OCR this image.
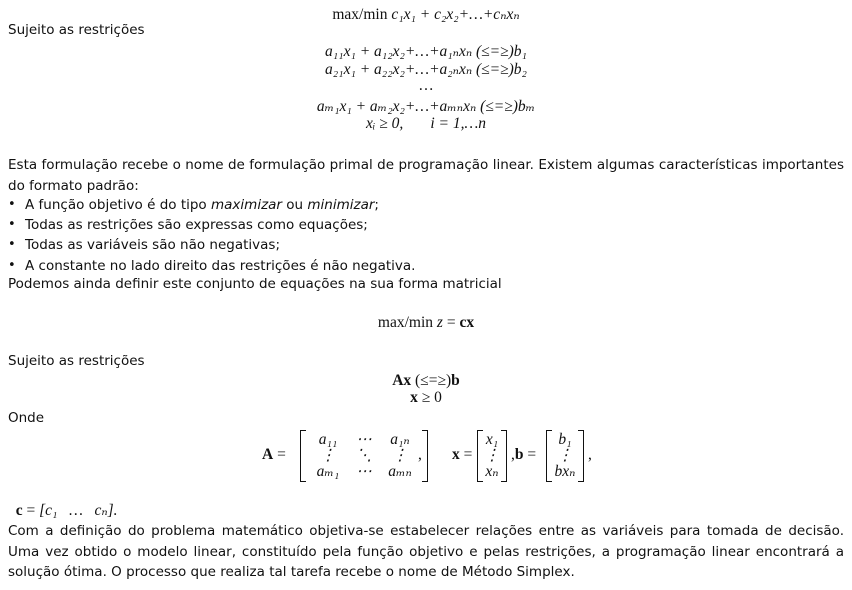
max/min c₁x₁ + c₂x₂+…+cₙxₙ
Sujeito as restrições
a₁₁x₁ + a₁₂x₂+…+a₁ₙxₙ (≤=≥)b₁
a₂₁x₁ + a₂₂x₂+…+a₂ₙxₙ (≤=≥)b₂
…
aₘ₁x₁ + aₘ₂x₂+…+aₘₙxₙ (≤=≥)bₘ
xᵢ ≥ 0,       i = 1,…n
Esta formulação recebe o nome de formulação primal de programação linear. Existem algumas características importantes do formato padrão:
• A função objetivo é do tipo maximizar ou minimizar;
• Todas as restrições são expressas como equações;
• Todas as variáveis são não negativas;
• A constante no lado direito das restrições é não negativa.
Podemos ainda definir este conjunto de equações na sua forma matricial
max/min z = cx
Sujeito as restrições
Ax (≤=≥)b
x ≥ 0
Onde
A =
a₁₁	⋯	a₁ₙ
⋮	⋱	⋮
aₘ₁	⋯	aₘₙ
, x =
x₁
⋮
xₙ
,b =
b₁
⋮
bxₙ
,

c = [c₁   …   cₙ].

Com a definição do problema matemático objetiva-se estabelecer relações entre as variáveis para tomada de decisão. Uma vez obtido o modelo linear, constituído pela função objetivo e pelas restrições, a programação linear encontrará a solução ótima. O processo que realiza tal tarefa recebe o nome de Método Simplex.
